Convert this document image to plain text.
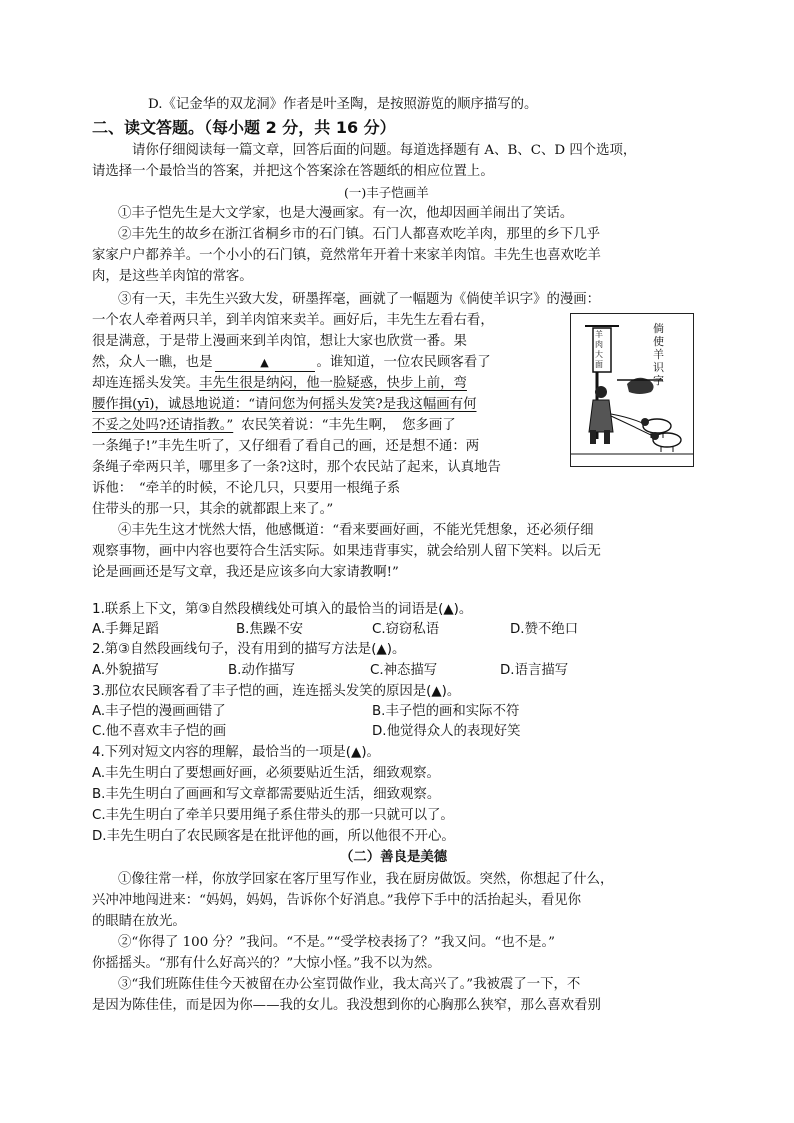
D.《记金华的双龙洞》作者是叶圣陶，是按照游览的顺序描写的。
二、读文答题。（每小题 2 分，共 16 分）
请你仔细阅读每一篇文章，回答后面的问题。每道选择题有 A、B、C、D 四个选项，
请选择一个最恰当的答案，并把这个答案涂在答题纸的相应位置上。
(一)丰子恺画羊
①丰子恺先生是大文学家，也是大漫画家。有一次，他却因画羊闹出了笑话。
②丰先生的故乡在浙江省桐乡市的石门镇。石门人都喜欢吃羊肉，那里的乡下几乎
家家户户都养羊。一个小小的石门镇，竟然常年开着十来家羊肉馆。丰先生也喜欢吃羊
肉，是这些羊肉馆的常客。
③有一天，丰先生兴致大发，研墨挥毫，画就了一幅题为《倘使羊识字》的漫画：
一个农人牵着两只羊，到羊肉馆来卖羊。画好后，丰先生左看右看，
很是满意，于是带上漫画来到羊肉馆，想让大家也欣赏一番。果
然，众人一瞧，也是	▲	。谁知道，一位农民顾客看了
却连连摇头发笑。丰先生很是纳闷，他一脸疑惑，快步上前，弯
腰作揖(yī)，诚恳地说道：“请问您为何摇头发笑?是我这幅画有何
不妥之处吗?还请指教。” 农民笑着说：“丰先生啊，　您多画了
一条绳子!”丰先生听了，又仔细看了看自己的画，还是想不通：两
条绳子牵两只羊，哪里多了一条?这时，那个农民站了起来，认真地告
诉他：　“牵羊的时候，不论几只，只要用一根绳子系
住带头的那一只，其余的就都跟上来了。”
④丰先生这才恍然大悟，他感慨道：“看来要画好画，不能光凭想象，还必须仔细
观察事物，画中内容也要符合生活实际。如果违背事实，就会给别人留下笑料。以后无
论是画画还是写文章，我还是应该多向大家请教啊!”
羊肉大面
倘使羊识字
1.联系上下文，第③自然段横线处可填入的最恰当的词语是(▲)。
A.手舞足蹈	B.焦躁不安	C.窃窃私语	D.赞不绝口
2.第③自然段画线句子，没有用到的描写方法是(▲)。
A.外貌描写	B.动作描写	C.神态描写	D.语言描写
3.那位农民顾客看了丰子恺的画，连连摇头发笑的原因是(▲)。
A.丰子恺的漫画画错了	B.丰子恺的画和实际不符
C.他不喜欢丰子恺的画	D.他觉得众人的表现好笑
4.下列对短文内容的理解，最恰当的一项是(▲)。
A.丰先生明白了要想画好画，必须要贴近生活，细致观察。
B.丰先生明白了画画和写文章都需要贴近生活，细致观察。
C.丰先生明白了牵羊只要用绳子系住带头的那一只就可以了。
D.丰先生明白了农民顾客是在批评他的画，所以他很不开心。
（二）善良是美德
①像往常一样，你放学回家在客厅里写作业，我在厨房做饭。突然，你想起了什么，
兴冲冲地闯进来：“妈妈，妈妈，告诉你个好消息。”我停下手中的活抬起头，看见你
的眼睛在放光。
②“你得了 100 分？”我问。“不是。”“受学校表扬了？”我又问。“也不是。”
你摇摇头。“那有什么好高兴的？”大惊小怪。”我不以为然。
③“我们班陈佳佳今天被留在办公室罚做作业，我太高兴了。”我被震了一下，不
是因为陈佳佳，而是因为你——我的女儿。我没想到你的心胸那么狭窄，那么喜欢看别
